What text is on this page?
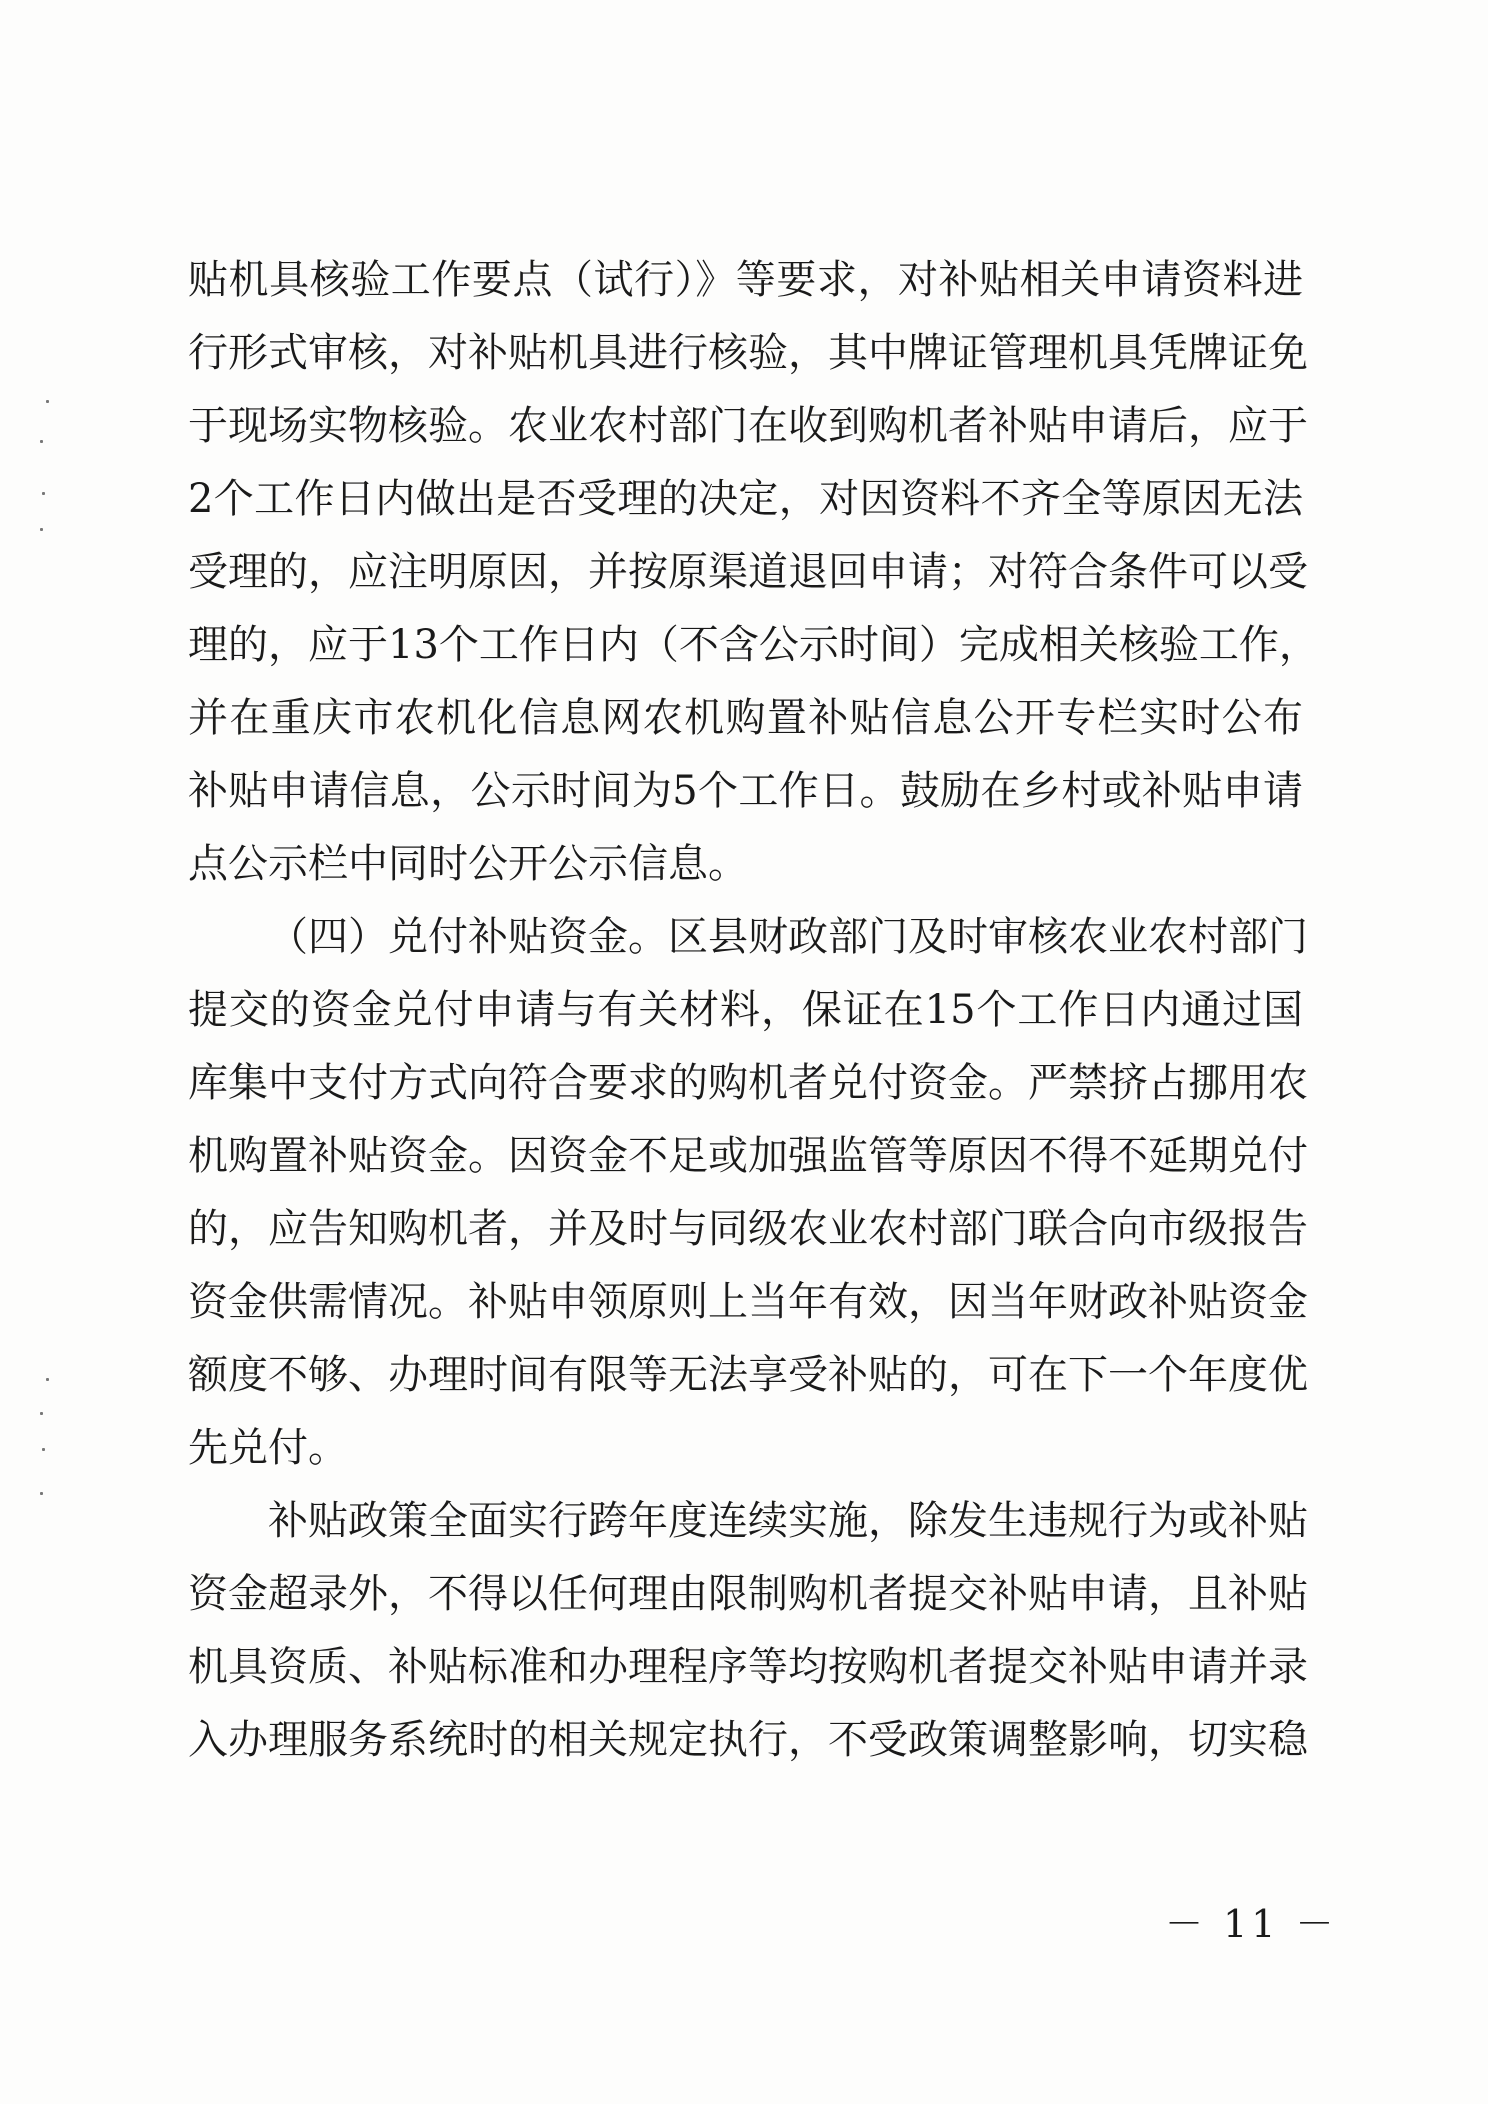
贴机具核验工作要点（试行）》等要求，对补贴相关申请资料进
行形式审核，对补贴机具进行核验，其中牌证管理机具凭牌证免
于现场实物核验。农业农村部门在收到购机者补贴申请后，应于
2个工作日内做出是否受理的决定，对因资料不齐全等原因无法
受理的，应注明原因，并按原渠道退回申请；对符合条件可以受
理的，应于13个工作日内（不含公示时间）完成相关核验工作，
并在重庆市农机化信息网农机购置补贴信息公开专栏实时公布
补贴申请信息，公示时间为5个工作日。鼓励在乡村或补贴申请
点公示栏中同时公开公示信息。
（四）兑付补贴资金。区县财政部门及时审核农业农村部门
提交的资金兑付申请与有关材料，保证在15个工作日内通过国
库集中支付方式向符合要求的购机者兑付资金。严禁挤占挪用农
机购置补贴资金。因资金不足或加强监管等原因不得不延期兑付
的，应告知购机者，并及时与同级农业农村部门联合向市级报告
资金供需情况。补贴申领原则上当年有效，因当年财政补贴资金
额度不够、办理时间有限等无法享受补贴的，可在下一个年度优
先兑付。
补贴政策全面实行跨年度连续实施，除发生违规行为或补贴
资金超录外，不得以任何理由限制购机者提交补贴申请，且补贴
机具资质、补贴标准和办理程序等均按购机者提交补贴申请并录
入办理服务系统时的相关规定执行，不受政策调整影响，切实稳
－ 11 －
